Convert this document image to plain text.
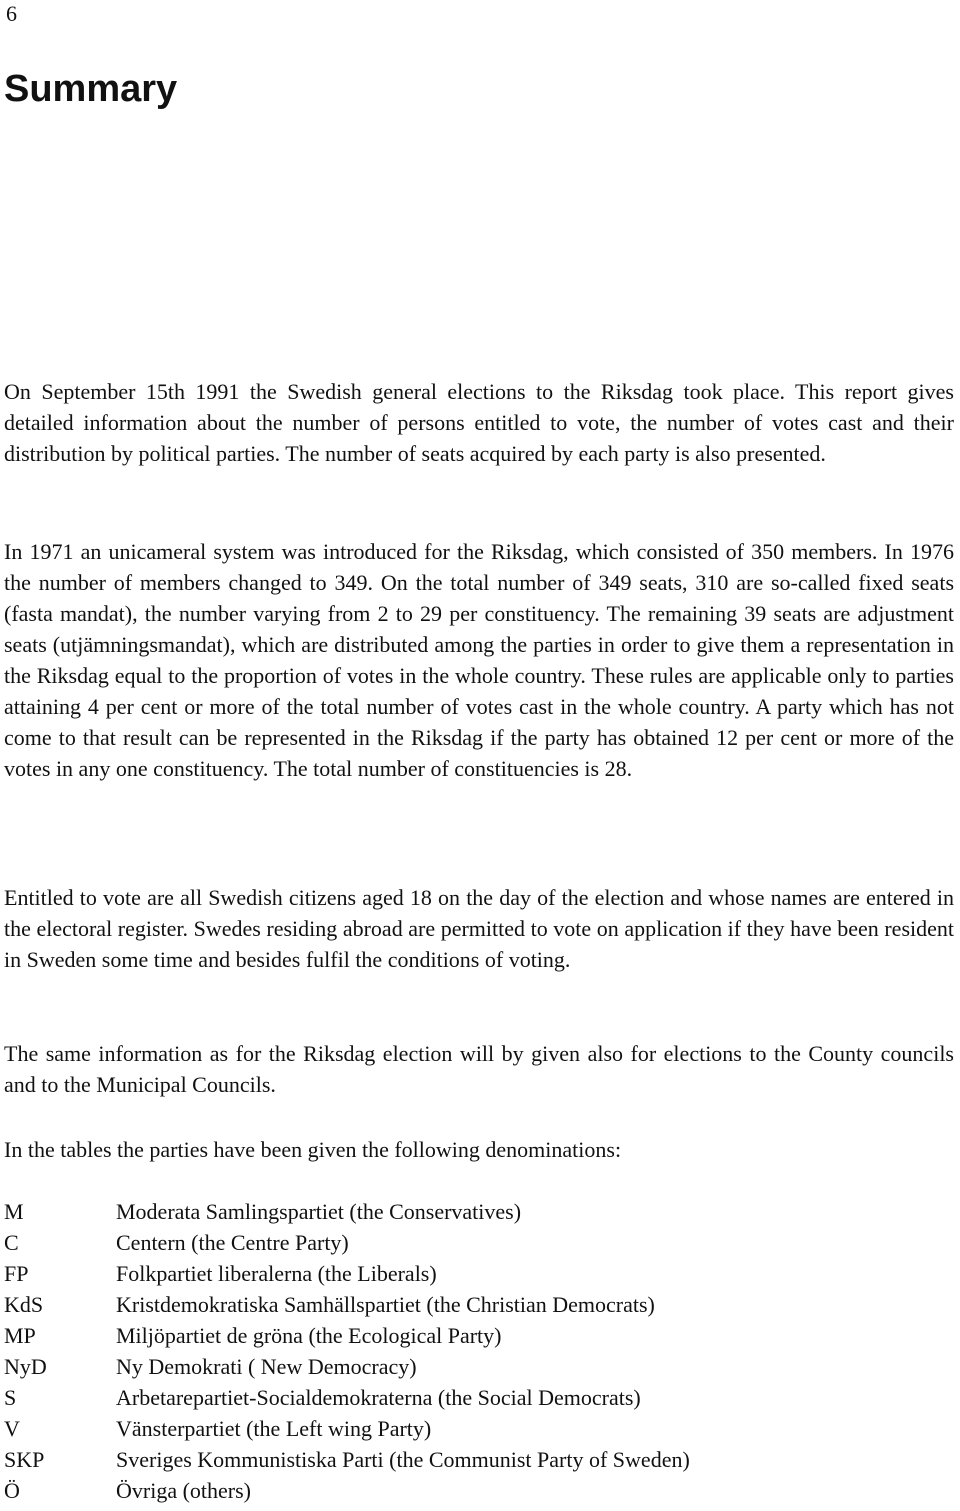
6
Summary

On September 15th 1991 the Swedish general elections to the Riksdag took place. This report gives detailed information about the number of persons entitled to vote, the number of votes cast and their distribution by political parties. The number of seats acquired by each party is also presented.

In 1971 an unicameral system was introduced for the Riksdag, which consisted of 350 members. In 1976 the number of members changed to 349. On the total number of 349 seats, 310 are so-called fixed seats (fasta mandat), the number varying from 2 to 29 per constituency. The remaining 39 seats are adjustment seats (utjämningsmandat), which are distributed among the parties in order to give them a representation in the Riksdag equal to the proportion of votes in the whole country. These rules are applicable only to parties attaining 4 per cent or more of the total number of votes cast in the whole country. A party which has not come to that result can be represented in the Riksdag if the party has obtained 12 per cent or more of the votes in any one constituency. The total number of constituencies is 28.

Entitled to vote are all Swedish citizens aged 18 on the day of the election and whose names are entered in the electoral register. Swedes residing abroad are permitted to vote on application if they have been resident in Sweden some time and besides fulfil the conditions of voting.

The same information as for the Riksdag election will by given also for elections to the County councils and to the Municipal Councils.

In the tables the parties have been given the following denominations:

M	Moderata Samlingspartiet (the Conservatives)
C	Centern (the Centre Party)
FP	Folkpartiet liberalerna (the Liberals)
KdS	Kristdemokratiska Samhällspartiet (the Christian Democrats)
MP	Miljöpartiet de gröna (the Ecological Party)
NyD	Ny Demokrati ( New Democracy)
S	Arbetarepartiet-Socialdemokraterna (the Social Democrats)
V	Vänsterpartiet (the Left wing Party)
SKP	Sveriges Kommunistiska Parti (the Communist Party of Sweden)
Ö	Övriga (others)
